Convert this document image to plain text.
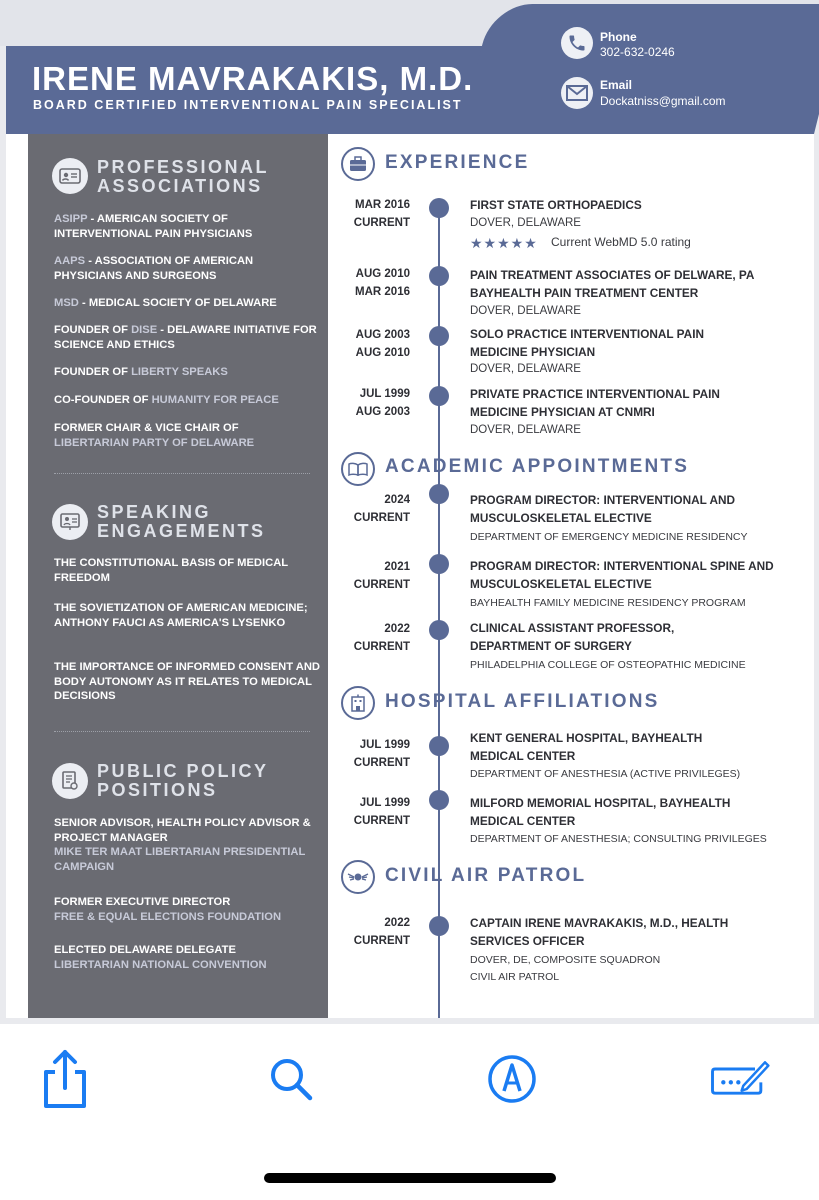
IRENE MAVRAKAKIS, M.D.
BOARD CERTIFIED INTERVENTIONAL PAIN SPECIALIST
Phone
302-632-0246
Email
Dockatniss@gmail.com
PROFESSIONAL
ASSOCIATIONS
ASIPP - AMERICAN SOCIETY OF INTERVENTIONAL PAIN PHYSICIANS
AAPS - ASSOCIATION OF AMERICAN PHYSICIANS AND SURGEONS
MSD - MEDICAL SOCIETY OF DELAWARE
FOUNDER OF DISE - DELAWARE INITIATIVE FOR SCIENCE AND ETHICS
FOUNDER OF LIBERTY SPEAKS
CO-FOUNDER OF HUMANITY FOR PEACE
FORMER CHAIR & VICE CHAIR OF
LIBERTARIAN PARTY OF DELAWARE
SPEAKING
ENGAGEMENTS
THE CONSTITUTIONAL BASIS OF MEDICAL FREEDOM
THE SOVIETIZATION OF AMERICAN MEDICINE; ANTHONY FAUCI AS AMERICA'S LYSENKO
THE IMPORTANCE OF INFORMED CONSENT AND BODY AUTONOMY AS IT RELATES TO MEDICAL DECISIONS
PUBLIC POLICY
POSITIONS
SENIOR ADVISOR, HEALTH POLICY ADVISOR & PROJECT MANAGER
MIKE TER MAAT LIBERTARIAN PRESIDENTIAL CAMPAIGN
FORMER EXECUTIVE DIRECTOR
FREE & EQUAL ELECTIONS FOUNDATION
ELECTED DELAWARE DELEGATE
LIBERTARIAN NATIONAL CONVENTION
EXPERIENCE
MAR 2016
CURRENT
FIRST STATE ORTHOPAEDICS
DOVER, DELAWARE
★★★★★ Current WebMD 5.0 rating
AUG 2010
MAR 2016
PAIN TREATMENT ASSOCIATES OF DELWARE, PA
BAYHEALTH PAIN TREATMENT CENTER
DOVER, DELAWARE
AUG 2003
AUG 2010
SOLO PRACTICE INTERVENTIONAL PAIN MEDICINE PHYSICIAN
DOVER, DELAWARE
JUL 1999
AUG 2003
PRIVATE PRACTICE INTERVENTIONAL PAIN MEDICINE PHYSICIAN AT CNMRI
DOVER, DELAWARE
ACADEMIC APPOINTMENTS
2024
CURRENT
PROGRAM DIRECTOR: INTERVENTIONAL AND MUSCULOSKELETAL ELECTIVE
DEPARTMENT OF EMERGENCY MEDICINE RESIDENCY
2021
CURRENT
PROGRAM DIRECTOR: INTERVENTIONAL SPINE AND MUSCULOSKELETAL ELECTIVE
BAYHEALTH FAMILY MEDICINE RESIDENCY PROGRAM
2022
CURRENT
CLINICAL ASSISTANT PROFESSOR, DEPARTMENT OF SURGERY
PHILADELPHIA COLLEGE OF OSTEOPATHIC MEDICINE
HOSPITAL AFFILIATIONS
JUL 1999
CURRENT
KENT GENERAL HOSPITAL, BAYHEALTH MEDICAL CENTER
DEPARTMENT OF ANESTHESIA (ACTIVE PRIVILEGES)
JUL 1999
CURRENT
MILFORD MEMORIAL HOSPITAL, BAYHEALTH MEDICAL CENTER
DEPARTMENT OF ANESTHESIA; CONSULTING PRIVILEGES
CIVIL AIR PATROL
2022
CURRENT
CAPTAIN IRENE MAVRAKAKIS, M.D., HEALTH SERVICES OFFICER
DOVER, DE, COMPOSITE SQUADRON
CIVIL AIR PATROL
